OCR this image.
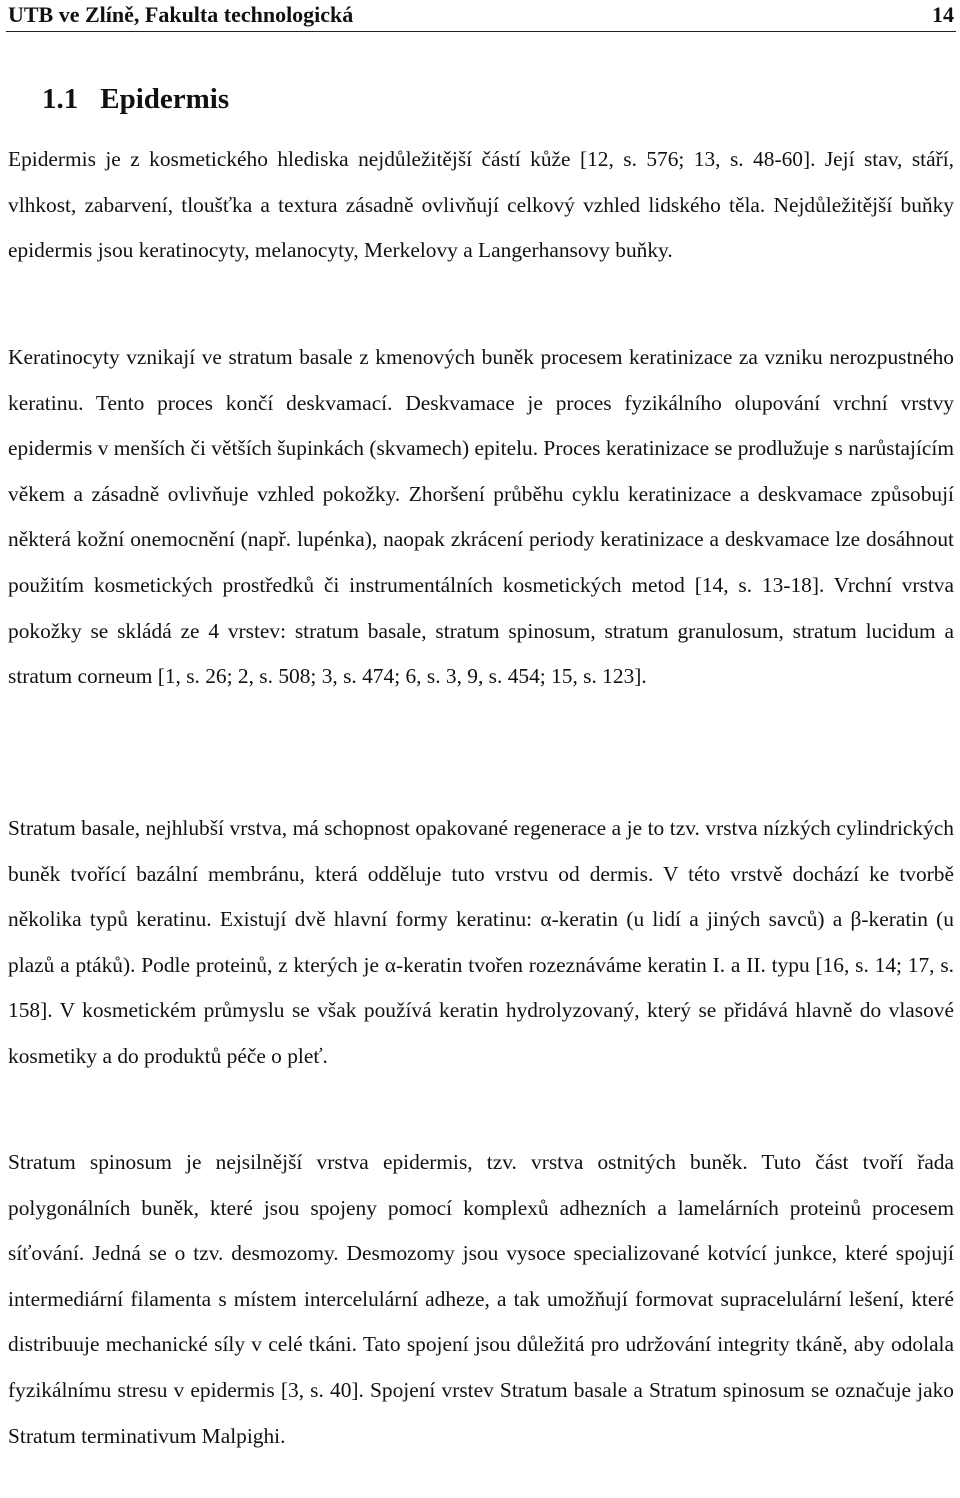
UTB ve Zlíně, Fakulta technologická	14
1.1 Epidermis

Epidermis je z kosmetického hlediska nejdůležitější částí kůže [12, s. 576; 13, s. 48-60]. Její stav, stáří, vlhkost, zabarvení, tloušťka a textura zásadně ovlivňují celkový vzhled lidského těla. Nejdůležitější buňky epidermis jsou keratinocyty, melanocyty, Merkelovy a Langerhansovy buňky.

Keratinocyty vznikají ve stratum basale z kmenových buněk procesem keratinizace za vzniku nerozpustného keratinu. Tento proces končí deskvamací. Deskvamace je proces fyzikálního olupování vrchní vrstvy epidermis v menších či větších šupinkách (skvamech) epitelu. Proces keratinizace se prodlužuje s narůstajícím věkem a zásadně ovlivňuje vzhled pokožky. Zhoršení průběhu cyklu keratinizace a deskvamace způsobují některá kožní onemocnění (např. lupénka), naopak zkrácení periody keratinizace a deskvamace lze dosáhnout použitím kosmetických prostředků či instrumentálních kosmetických metod [14, s. 13-18]. Vrchní vrstva pokožky se skládá ze 4 vrstev: stratum basale, stratum spinosum, stratum granulosum, stratum lucidum a stratum corneum [1, s. 26; 2, s. 508; 3, s. 474; 6, s. 3, 9, s. 454; 15, s. 123].

Stratum basale, nejhlubší vrstva, má schopnost opakované regenerace a je to tzv. vrstva nízkých cylindrických buněk tvořící bazální membránu, která odděluje tuto vrstvu od dermis. V této vrstvě dochází ke tvorbě několika typů keratinu. Existují dvě hlavní formy keratinu: α-keratin (u lidí a jiných savců) a β-keratin (u plazů a ptáků). Podle proteinů, z kterých je α-keratin tvořen rozeznáváme keratin I. a II. typu [16, s. 14; 17, s. 158]. V kosmetickém průmyslu se však používá keratin hydrolyzovaný, který se přidává hlavně do vlasové kosmetiky a do produktů péče o pleť.

Stratum spinosum je nejsilnější vrstva epidermis, tzv. vrstva ostnitých buněk. Tuto část tvoří řada polygonálních buněk, které jsou spojeny pomocí komplexů adhezních a lamelárních proteinů procesem síťování. Jedná se o tzv. desmozomy. Desmozomy jsou vysoce specializované kotvící junkce, které spojují intermediární filamenta s místem intercelulární adheze, a tak umožňují formovat supracelulární lešení, které distribuuje mechanické síly v celé tkáni. Tato spojení jsou důležitá pro udržování integrity tkáně, aby odolala fyzikálnímu stresu v epidermis [3, s. 40]. Spojení vrstev Stratum basale a Stratum spinosum se označuje jako Stratum terminativum Malpighi.
